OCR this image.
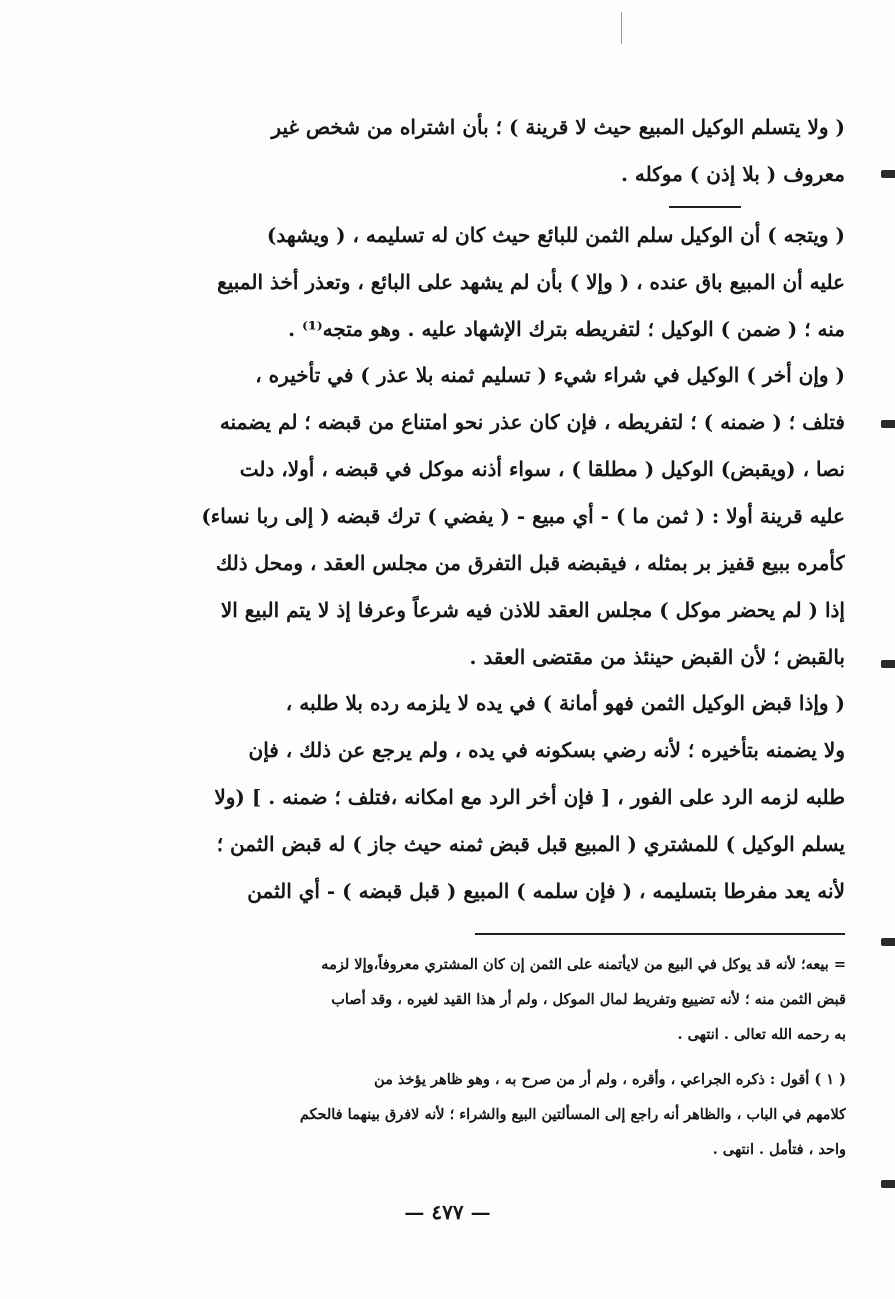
( ولا يتسلم الوكيل المبيع حيث لا قرينة ) ؛ بأن اشتراه من شخص غير
معروف ( بلا إذن ) موكله .
( ويتجه ) أن الوكيل سلم الثمن للبائع حيث كان له تسليمه ، ( ويشهد)
عليه أن المبيع باق عنده ، ( وإلا ) بأن لم يشهد على البائع ، وتعذر أخذ المبيع
منه ؛ ( ضمن ) الوكيل ؛ لتفريطه بترك الإشهاد عليه . وهو متجه⁽¹⁾ .
( وإن أخر ) الوكيل في شراء شيء ( تسليم ثمنه بلا عذر ) في تأخيره ،
فتلف ؛ ( ضمنه ) ؛ لتفريطه ، فإن كان عذر نحو امتناع من قبضه ؛ لم يضمنه
نصا ، (ويقبض) الوكيل ( مطلقا ) ، سواء أذنه موكل في قبضه ، أولا، دلت
عليه قرينة أولا : ( ثمن ما ) - أي مبيع - ( يفضي ) ترك قبضه ( إلى ربا نساء)
كأمره ببيع قفيز بر بمثله ، فيقبضه قبل التفرق من مجلس العقد ، ومحل ذلك
إذا ( لم يحضر موكل ) مجلس العقد للاذن فيه شرعاً وعرفا إذ لا يتم البيع الا
بالقبض ؛ لأن القبض حينئذ من مقتضى العقد .
( وإذا قبض الوكيل الثمن فهو أمانة ) في يده لا يلزمه رده بلا طلبه ،
ولا يضمنه بتأخيره ؛ لأنه رضي بسكونه في يده ، ولم يرجع عن ذلك ، فإن
طلبه لزمه الرد على الفور ، [ فإن أخر الرد مع امكانه ،فتلف ؛ ضمنه . ] (ولا
يسلم الوكيل ) للمشتري ( المبيع قبل قبض ثمنه حيث جاز ) له قبض الثمن ؛
لأنه يعد مفرطا بتسليمه ، ( فإن سلمه ) المبيع ( قبل قبضه ) - أي الثمن
= بيعه؛ لأنه قد يوكل في البيع من لايأتمنه على الثمن إن كان المشتري معروفاً،وإلا لزمه
قبض الثمن منه ؛ لأنه تضييع وتفريط لمال الموكل ، ولم أر هذا القيد لغيره ، وقد أصاب
به رحمه الله تعالى . انتهى .
( ١ ) أقول : ذكره الجراعي ، وأقره ، ولم أر من صرح به ، وهو ظاهر يؤخذ من
كلامهم في الباب ، والظاهر أنه راجع إلى المسألتين البيع والشراء ؛ لأنه لافرق بينهما فالحكم
واحد ، فتأمل . انتهى .
— ٤٧٧ —
